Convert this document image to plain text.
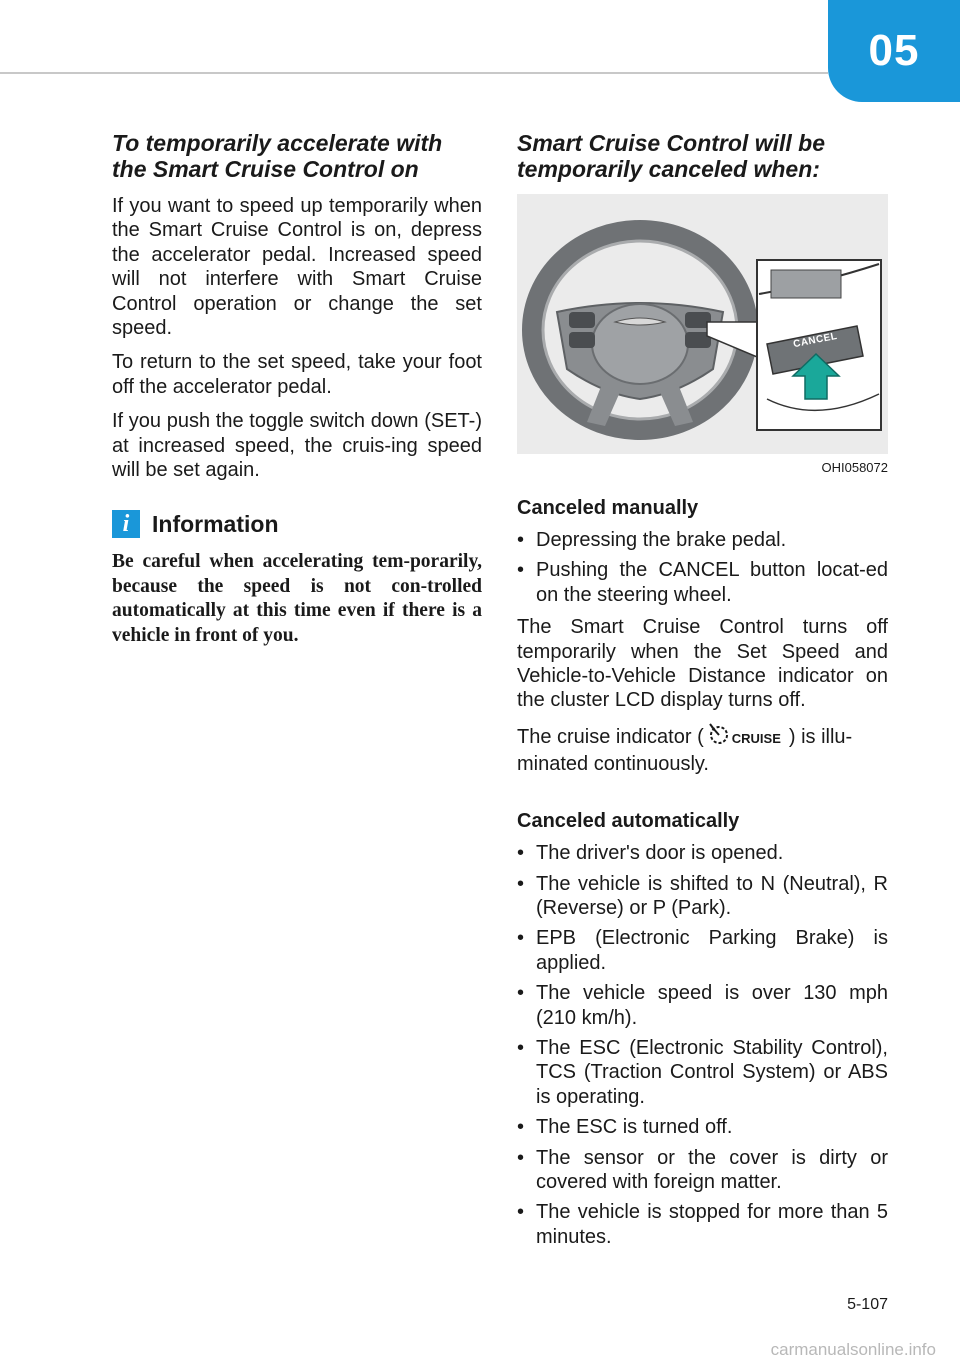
05
To temporarily accelerate with the Smart Cruise Control on

If you want to speed up temporarily when the Smart Cruise Control is on, depress the accelerator pedal. Increased speed will not interfere with Smart Cruise Control operation or change the set speed.

To return to the set speed, take your foot off the accelerator pedal.

If you push the toggle switch down (SET-) at increased speed, the cruis-ing speed will be set again.

i Information

Be careful when accelerating tem-porarily, because the speed is not con-trolled automatically at this time even if there is a vehicle in front of you.

Smart Cruise Control will be temporarily canceled when:
CANCEL
OHI058072
Canceled manually
• Depressing the brake pedal.
• Pushing the CANCEL button locat-ed on the steering wheel.

The Smart Cruise Control turns off temporarily when the Set Speed and Vehicle-to-Vehicle Distance indicator on the cluster LCD display turns off.

The cruise indicator ( CRUISE ) is illu-minated continuously.

Canceled automatically
• The driver's door is opened.
• The vehicle is shifted to N (Neutral), R (Reverse) or P (Park).
• EPB (Electronic Parking Brake) is applied.
• The vehicle speed is over 130 mph (210 km/h).
• The ESC (Electronic Stability Control), TCS (Traction Control System) or ABS is operating.
• The ESC is turned off.
• The sensor or the cover is dirty or covered with foreign matter.
• The vehicle is stopped for more than 5 minutes.
5-107
carmanualsonline.info
